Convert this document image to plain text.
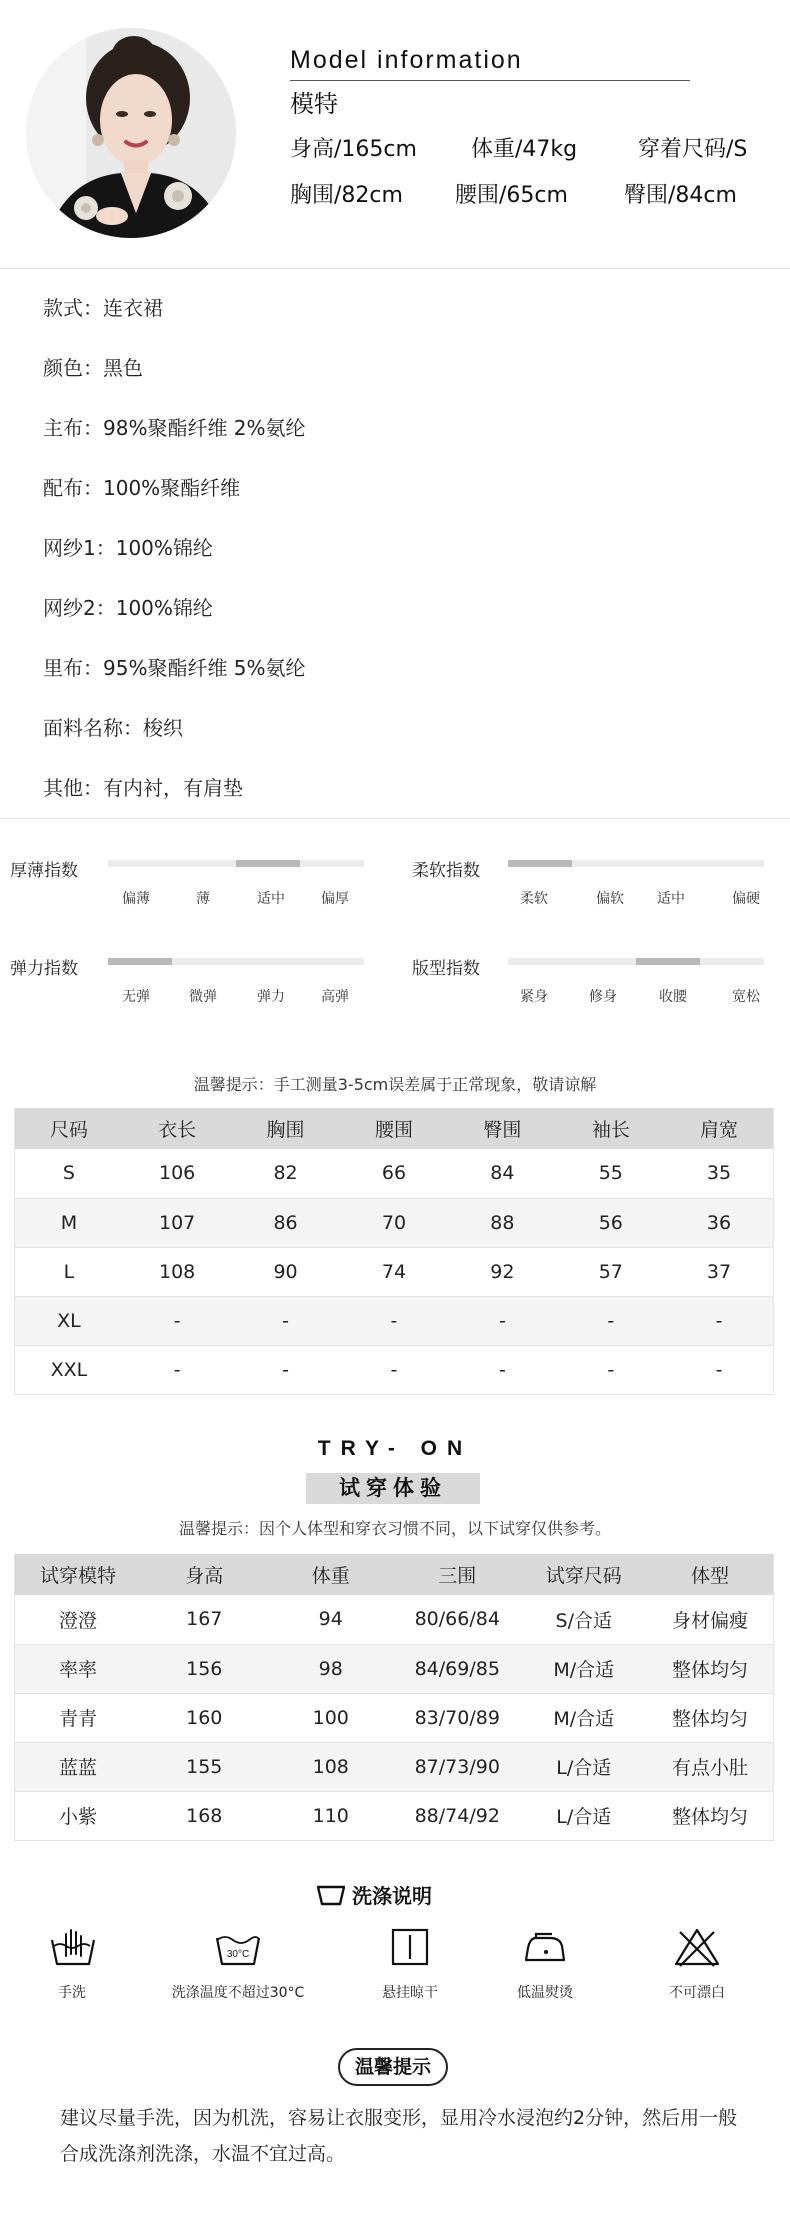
Model information
模特
身高/165cm 体重/47kg	穿着尺码/S
胸围/82cm 腰围/65cm	臀围/84cm
款式：连衣裙
颜色：黑色
主布：98%聚酯纤维 2%氨纶
配布：100%聚酯纤维
网纱1：100%锦纶
网纱2：100%锦纶
里布：95%聚酯纤维 5%氨纶
面料名称：梭织
其他：有内衬，有肩垫
厚薄指数
偏薄	薄	适中	偏厚
柔软指数
柔软	偏软	适中	偏硬
弹力指数
无弹	微弹	弹力	高弹
版型指数
紧身	修身	收腰	宽松
温馨提示：手工测量3-5cm误差属于正常现象，敬请谅解
尺码	衣长	胸围	腰围	臀围	袖长	肩宽
S	106	82	66	84	55	35
M	107	86	70	88	56	36
L	108	90	74	92	57	37
XL	-	-	-	-	-	-
XXL	-	-	-	-	-	-
TRY- ON
试穿体验
温馨提示：因个人体型和穿衣习惯不同，以下试穿仅供参考。
试穿模特	身高	体重	三围	试穿尺码	体型
澄澄	167	94	80/66/84	S/合适	身材偏瘦
率率	156	98	84/69/85	M/合适	整体均匀
青青	160	100	83/70/89	M/合适	整体均匀
蓝蓝	155	108	87/73/90	L/合适	有点小肚
小紫	168	110	88/74/92	L/合适	整体均匀
洗涤说明
手洗
30°C
洗涤温度不超过30°C	悬挂晾干	低温熨烫	不可漂白
温馨提示
建议尽量手洗，因为机洗，容易让衣服变形，显用冷水浸泡约2分钟，然后用一般合成洗涤剂洗涤，水温不宜过高。
